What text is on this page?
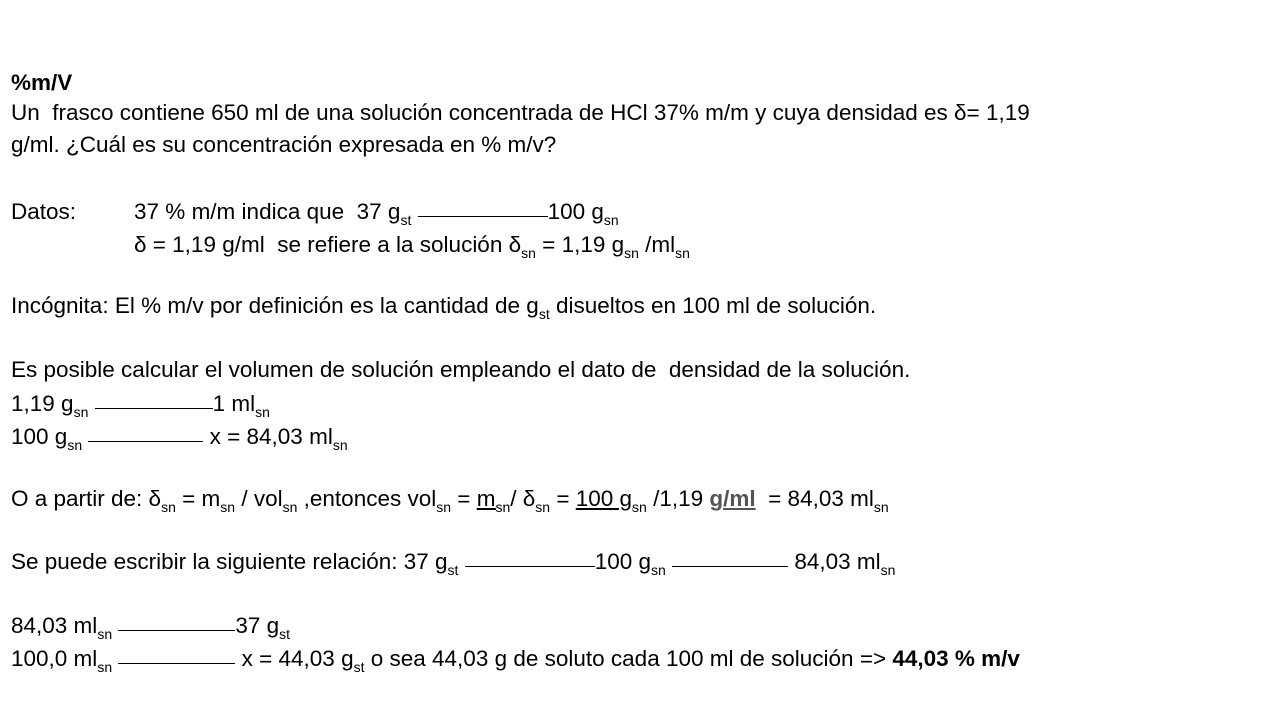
%m/V
Un  frasco contiene 650 ml de una solución concentrada de HCl 37% m/m y cuya densidad es δ= 1,19
g/ml. ¿Cuál es su concentración expresada en % m/v?
Datos:	37 % m/m indica que  37 $g_{st}$	100 $g_{sn}$
δ = 1,19 g/ml  se refiere a la solución $\delta_{sn} = 1,19$ $g_{sn}$ $/ml_{sn}$
Incógnita: El % m/v por definición es la cantidad de $g_{st}$ disueltos en 100 ml de solución.
Es posible calcular el volumen de solución empleando el dato de  densidad de la solución.
1,19 $g_{sn}$	1 $ml_{sn}$
100 $g_{sn}$	x = 84,03 $ml_{sn}$
O a partir de: $\delta_{sn} = m_{sn} / vol_{sn}$ ,entonces $vol_{sn} = m_{sn}/$ $\delta_{sn} = 100$ $g_{sn}$ /1,19 g/ml  = 84,03 $ml_{sn}$
Se puede escribir la siguiente relación: 37 $g_{st}$	100 $g_{sn}$	84,03 $ml_{sn}$
84,03 $ml_{sn}$	37 $g_{st}$
100,0 $ml_{sn}$	x = 44,03 $g_{st}$ o sea 44,03 g de soluto cada 100 ml de solución => 44,03 % m/v
